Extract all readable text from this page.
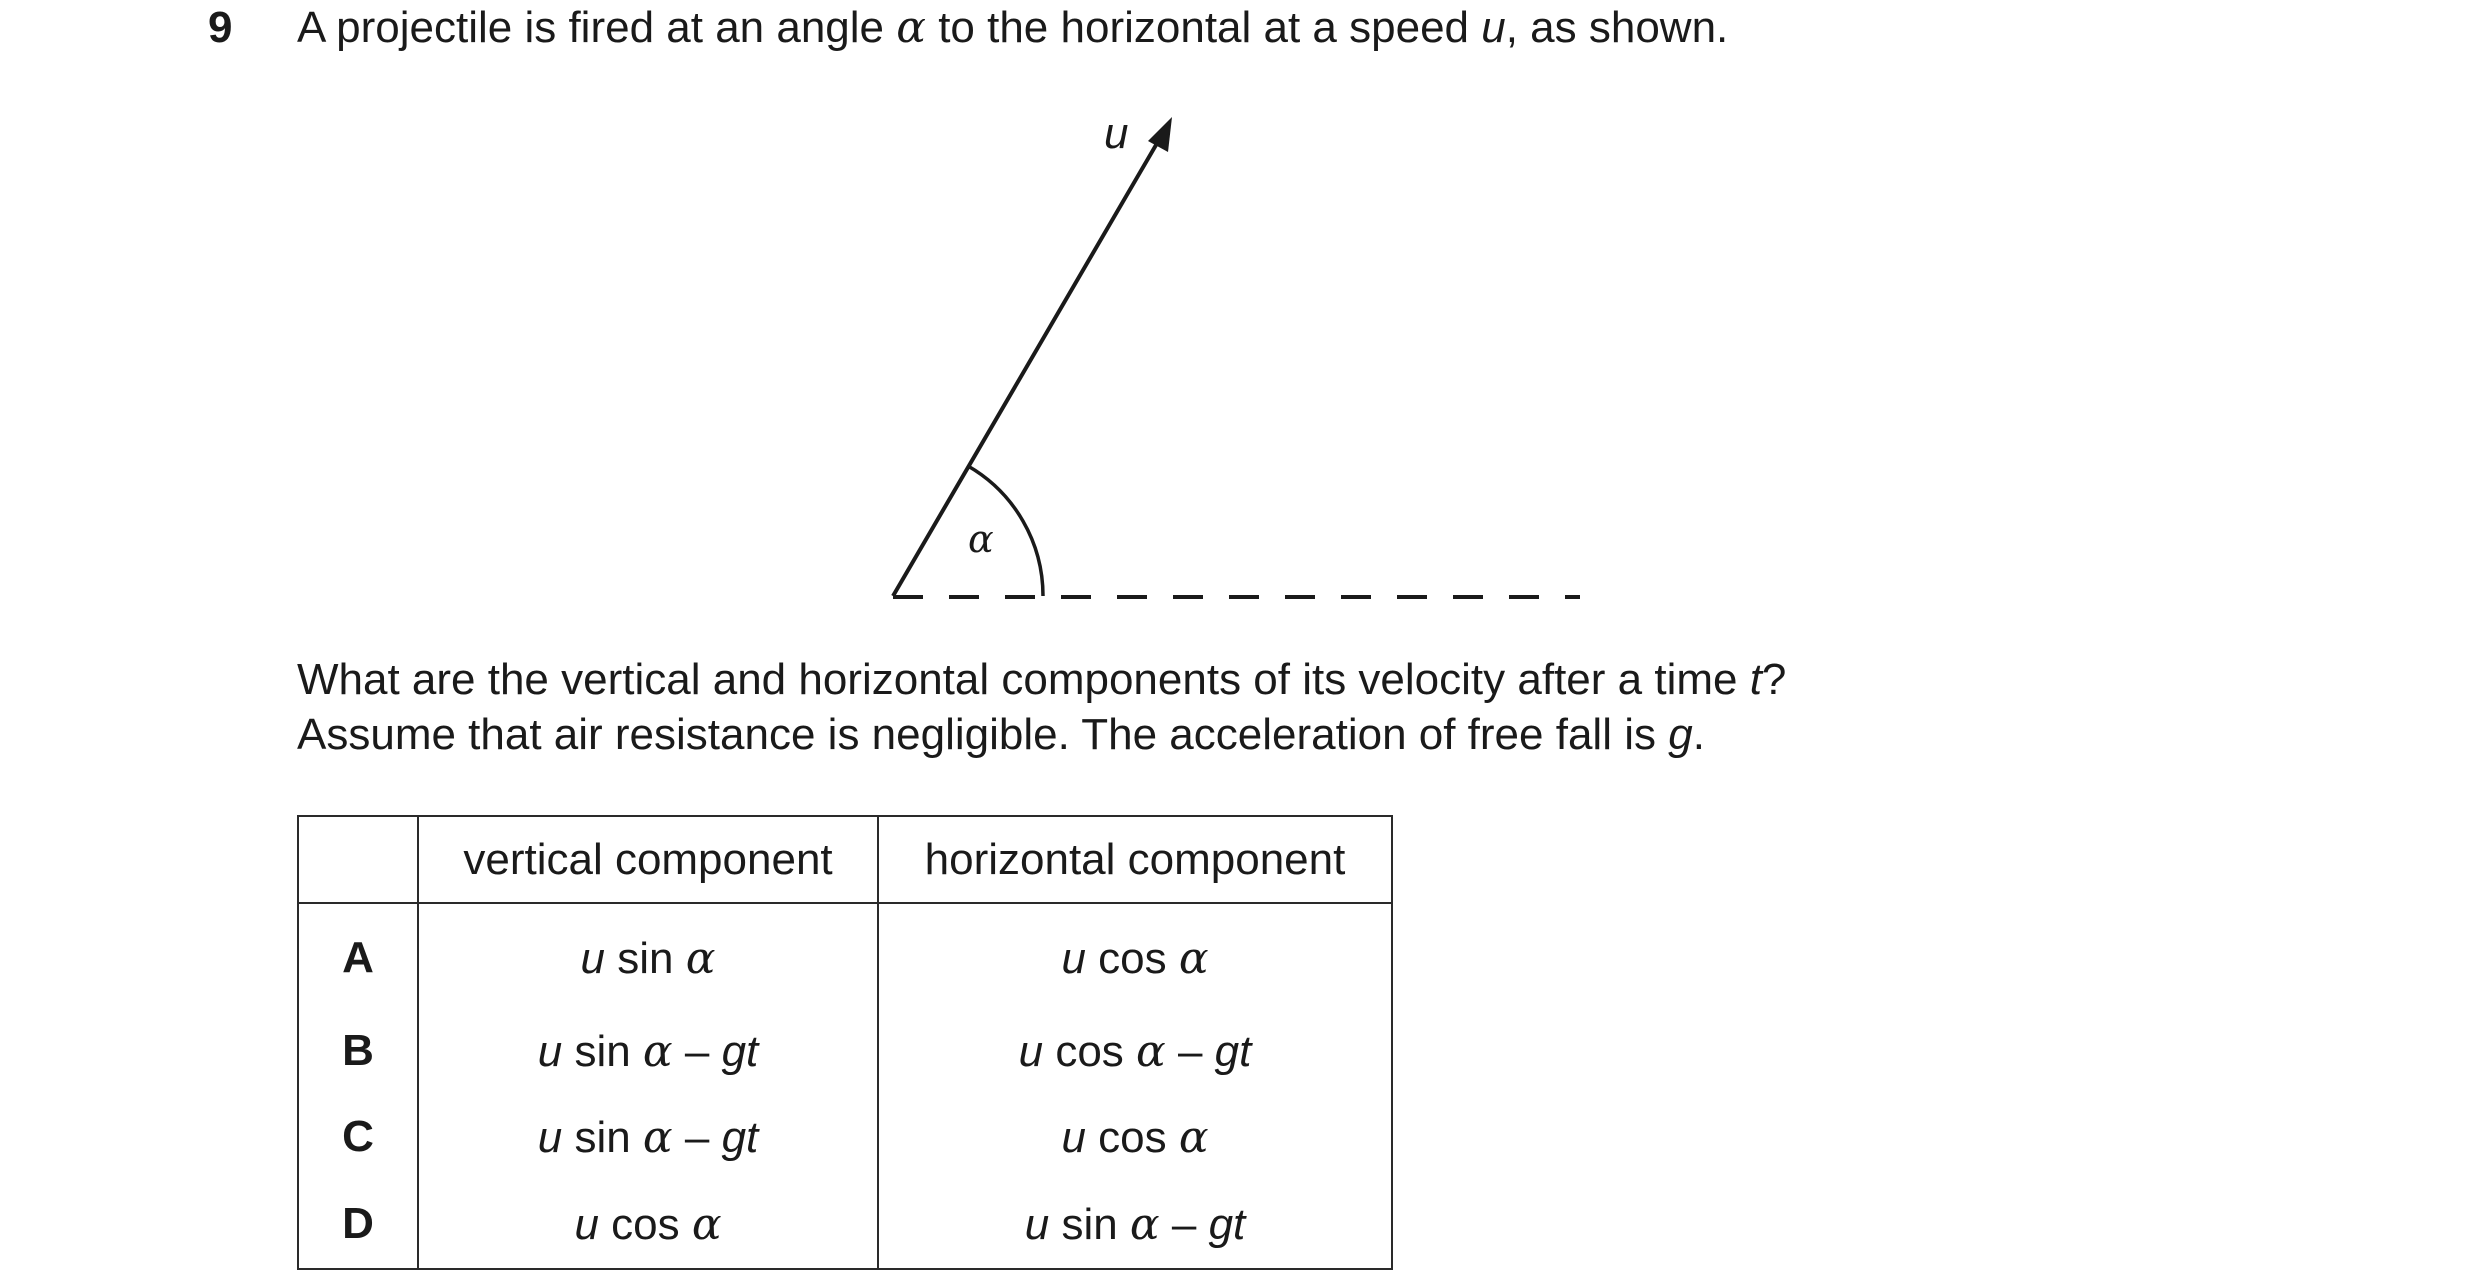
9 A projectile is fired at an angle α to the horizontal at a speed u, as shown.
u
α
What are the vertical and horizontal components of its velocity after a time t?
Assume that air resistance is negligible. The acceleration of free fall is g.
	vertical component	horizontal component
A	u sin α	u cos α
B	u sin α – gt	u cos α – gt
C	u sin α – gt	u cos α
D	u cos α	u sin α – gt
